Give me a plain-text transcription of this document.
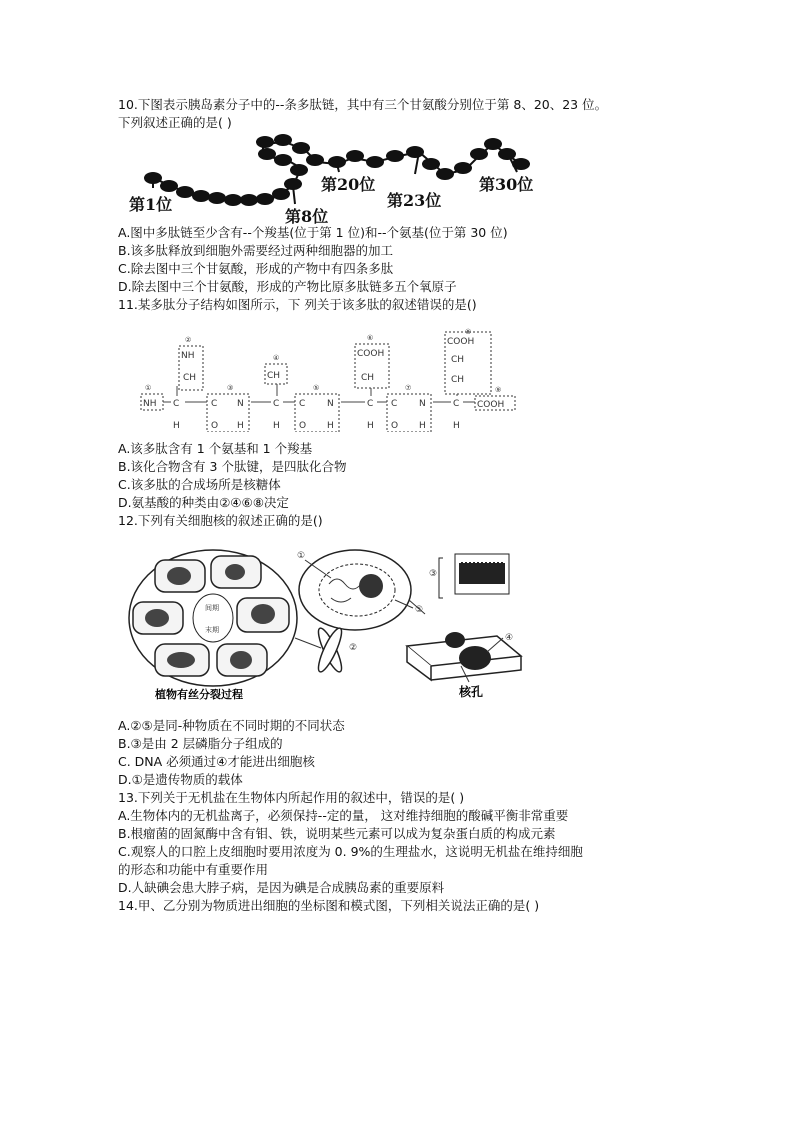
10.下图表示胰岛素分子中的--条多肽链，其中有三个甘氨酸分别位于第 8、20、23 位。
下列叙述正确的是( )
第1位
第8位
第20位
第23位
第30位
A.图中多肽链至少含有--个羧基(位于第 1 位)和--个氨基(位于第 30 位)
B.该多肽释放到细胞外需要经过两种细胞器的加工
C.除去图中三个甘氨酸，形成的产物中有四条多肽
D.除去图中三个甘氨酸，形成的产物比原多肽链多五个氧原子
11.某多肽分子结构如图所示，下 列关于该多肽的叙述错误的是()
NH
①
②
NH
CH
C
H
③
C N
O H
④
CH
C
H
⑤
C N
O H
⑥
COOH
CH
C
H
⑦
C N
O H
⑧
COOH
CH
CH
C
H
⑨
COOH
A.该多肽含有 1 个氨基和 1 个羧基
B.该化合物含有 3 个肽键，是四肽化合物
C.该多肽的合成场所是核糖体
D.氨基酸的种类由②④⑥⑧决定
12.下列有关细胞核的叙述正确的是()
间期
末期
植物有丝分裂过程
①
⑤
②
③
④
核孔
A.②⑤是同-种物质在不同时期的不同状态
B.③是由 2 层磷脂分子组成的
C. DNA 必须通过④才能进出细胞核
D.①是遗传物质的载体
13.下列关于无机盐在生物体内所起作用的叙述中，错误的是( )
A.生物体内的无机盐离子，必须保持--定的量， 这对维持细胞的酸碱平衡非常重要
B.根瘤菌的固氮酶中含有钼、铁，说明某些元素可以成为复杂蛋白质的构成元素
C.观察人的口腔上皮细胞时要用浓度为 0. 9%的生理盐水，这说明无机盐在维持细胞
的形态和功能中有重要作用
D.人缺碘会患大脖子病，是因为碘是合成胰岛素的重要原料
14.甲、乙分别为物质进出细胞的坐标图和模式图，下列相关说法正确的是( )
